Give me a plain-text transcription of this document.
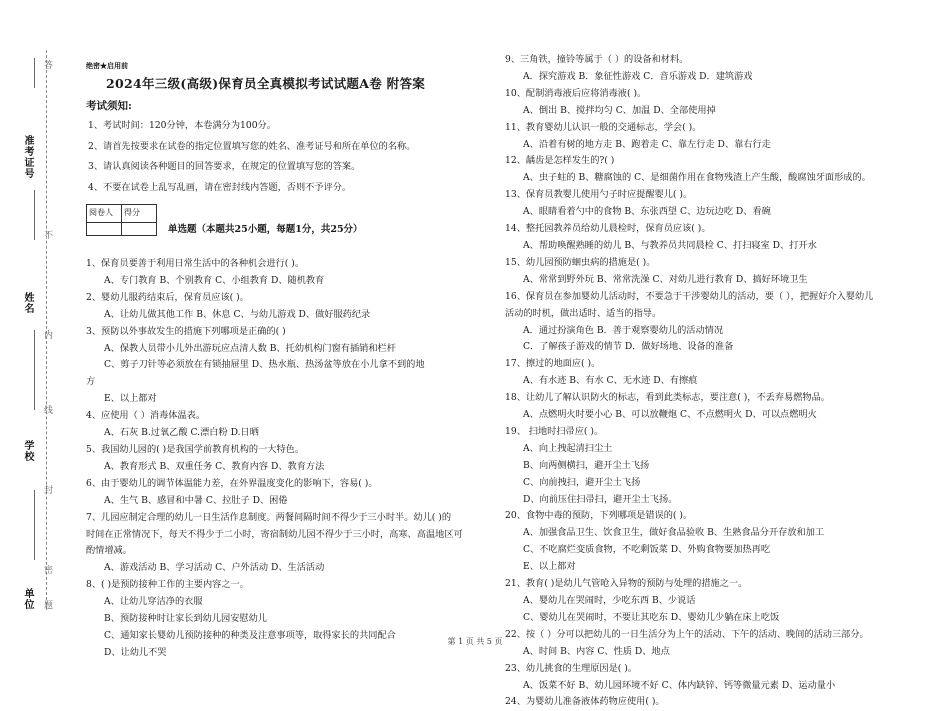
准考证号
姓名
学校
单位
答
不
内
线
封
密
题
绝密★启用前
2024年三级(高级)保育员全真模拟考试试题A卷 附答案
考试须知:
1、考试时间：120分钟，本卷满分为100分。
2、请首先按要求在试卷的指定位置填写您的姓名、准考证号和所在单位的名称。
3、请认真阅读各种题目的回答要求，在规定的位置填写您的答案。
4、不要在试卷上乱写乱画，请在密封线内答题，否则不予评分。
阅卷人	得分

单选题（本题共25小题，每题1分，共25分）
1、保育员要善于利用日常生活中的各种机会进行( )。
A、专门教育 B、个别教育 C、小组教育 D、随机教育
2、婴幼儿服药结束后，保育员应该( )。
A、让幼儿做其他工作 B、休息 C、与幼儿游戏 D、做好服药纪录
3、预防以外事故发生的措施下列哪项是正确的( )
A、保教人员带小儿外出游玩应点清人数 B、托幼机构门窗有插销和栏杆
C、剪子刀针等必须放在有锁抽屉里 D、热水瓶、热汤盆等放在小儿拿不到的地
方
E、以上都对
4、应使用（ ）消毒体温表。
A、石灰 B.过氧乙酸 C.漂白粉 D.日晒
5、我国幼儿园的( )是我国学前教育机构的一大特色。
A、教育形式 B、双重任务 C、教育内容 D、教育方法
6、由于婴幼儿的调节体温能力差，在外界温度变化的影响下，容易( )。
A、生气 B、感冒和中暑 C、拉肚子 D、困倦
7、儿园应制定合理的幼儿一日生活作息制度。两餐间隔时间不得少于三小时半。幼儿( )的
时间在正常情况下，每天不得少于二小时，寄宿制幼儿园不得少于三小时，高寒、高温地区可
酌情增减。
A、游戏活动 B、学习活动 C、户外活动 D、生活活动
8、( )是预防接种工作的主要内容之一。
A、让幼儿穿洁净的衣服
B、预防接种时让家长到幼儿园安慰幼儿
C、通知家长婴幼儿预防接种的种类及注意事项等，取得家长的共同配合
D、让幼儿不哭
9、三角铁，撞铃等属于（ ）的设备和材料。
A．探究游戏 B．象征性游戏 C．音乐游戏 D．建筑游戏
10、配制消毒液后应将消毒液( )。
A、倒出 B、搅拌均匀 C、加温 D、全部使用掉
11、教育婴幼儿认识一般的交通标志，学会( )。
A、沿着有树的地方走 B、跑着走 C、靠左行走 D、靠右行走
12、龋齿是怎样发生的?( )
A、虫子蛀的 B、糖腐蚀的 C、是细菌作用在食物残渣上产生酸，酸腐蚀牙面形成的。
13、保育员教婴儿使用勺子时应提醒婴儿( )。
A、眼睛看着勺中的食物 B、东张西望 C、边玩边吃 D、看碗
14、整托园教养员给幼儿晨检时，保育员应该( )。
A、帮助唤醒熟睡的幼儿 B、与教养员共同晨检 C、打扫寝室 D、打开水
15、幼儿园预防蛔虫病的措施是( )。
A、常常到野外玩 B、常常洗澡 C、对幼儿进行教育 D、搞好环境卫生
16、保育员在参加婴幼儿活动时，不要急于干涉婴幼儿的活动，要（ ），把握好介入婴幼儿
活动的时机，做出适时、适当的指导。
A．通过扮演角色 B．善于观察婴幼儿的活动情况
C．了解孩子游戏的情节 D．做好场地、设备的准备
17、擦过的地面应( )。
A、有水迹 B、有水 C、无水迹 D、有擦痕
18、让幼儿了解认识防火的标志，看到此类标志，要注意( )，不丢弃易燃物品。
A、点燃明火时要小心 B、可以放鞭炮 C、不点燃明火 D、可以点燃明火
19、 扫地时扫帚应( )。
A、向上拽起清扫尘土
B、向两侧横扫，避开尘土飞扬
C、向前拽扫，避开尘土飞扬
D、向前压住扫帚扫，避开尘土飞扬。
20、食物中毒的预防，下列哪项是错误的( )。
A、加强食品卫生、饮食卫生，做好食品验收 B、生熟食品分开存放和加工
C、不吃腐烂变质食物，不吃剩饭菜 D、外购食物要加热再吃
E、以上都对
21、教育( )是幼儿气管呛入异物的预防与处理的措施之一。
A、婴幼儿在哭闹时，少吃东西 B、少说话
C、婴幼儿在哭闹时，不要让其吃东 D、婴幼儿少躺在床上吃饭
22、按（ ）分可以把幼儿的一日生活分为上午的活动、下午的活动、晚间的活动三部分。
A、时间 B、内容 C、性质 D、地点
23、幼儿挑食的生理原因是( )。
A、饭菜不好 B、幼儿园环境不好 C、体内缺锌、钙等微量元素 D、运动量小
24、为婴幼儿准备液体药物应使用( )。
第 1 页 共 5 页
